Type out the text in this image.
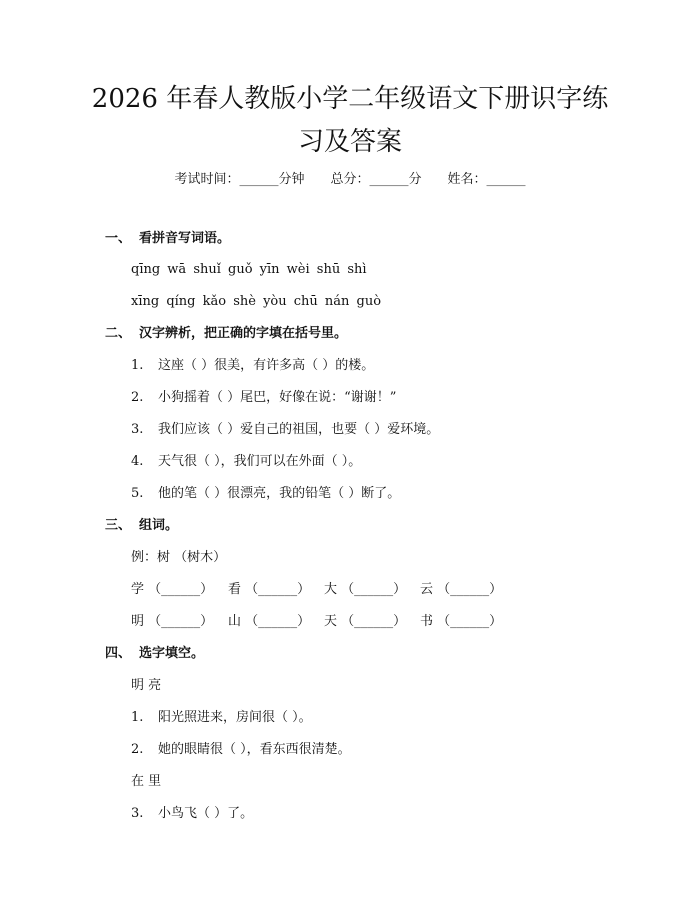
2026 年春人教版小学二年级语文下册识字练
习及答案
考试时间：______分钟 总分：______分 姓名：______
一、 看拼音写词语。
qīng wā shuǐ guǒ yīn wèi shū shì
xīng qíng kǎo shè yòu chū nán guò
二、 汉字辨析，把正确的字填在括号里。
1. 这座（ ）很美，有许多高（ ）的楼。
2. 小狗摇着（ ）尾巴，好像在说：“谢谢！”
3. 我们应该（ ）爱自己的祖国，也要（ ）爱环境。
4. 天气很（ ），我们可以在外面（ ）。
5. 他的笔（ ）很漂亮，我的铅笔（ ）断了。
三、 组词。
例：树 （树木）
学 （______） 看 （______） 大 （______） 云 （______）
明 （______） 山 （______） 天 （______） 书 （______）
四、 选字填空。
明 亮
1. 阳光照进来，房间很（ ）。
2. 她的眼睛很（ ），看东西很清楚。
在 里
3. 小鸟飞（ ）了。
